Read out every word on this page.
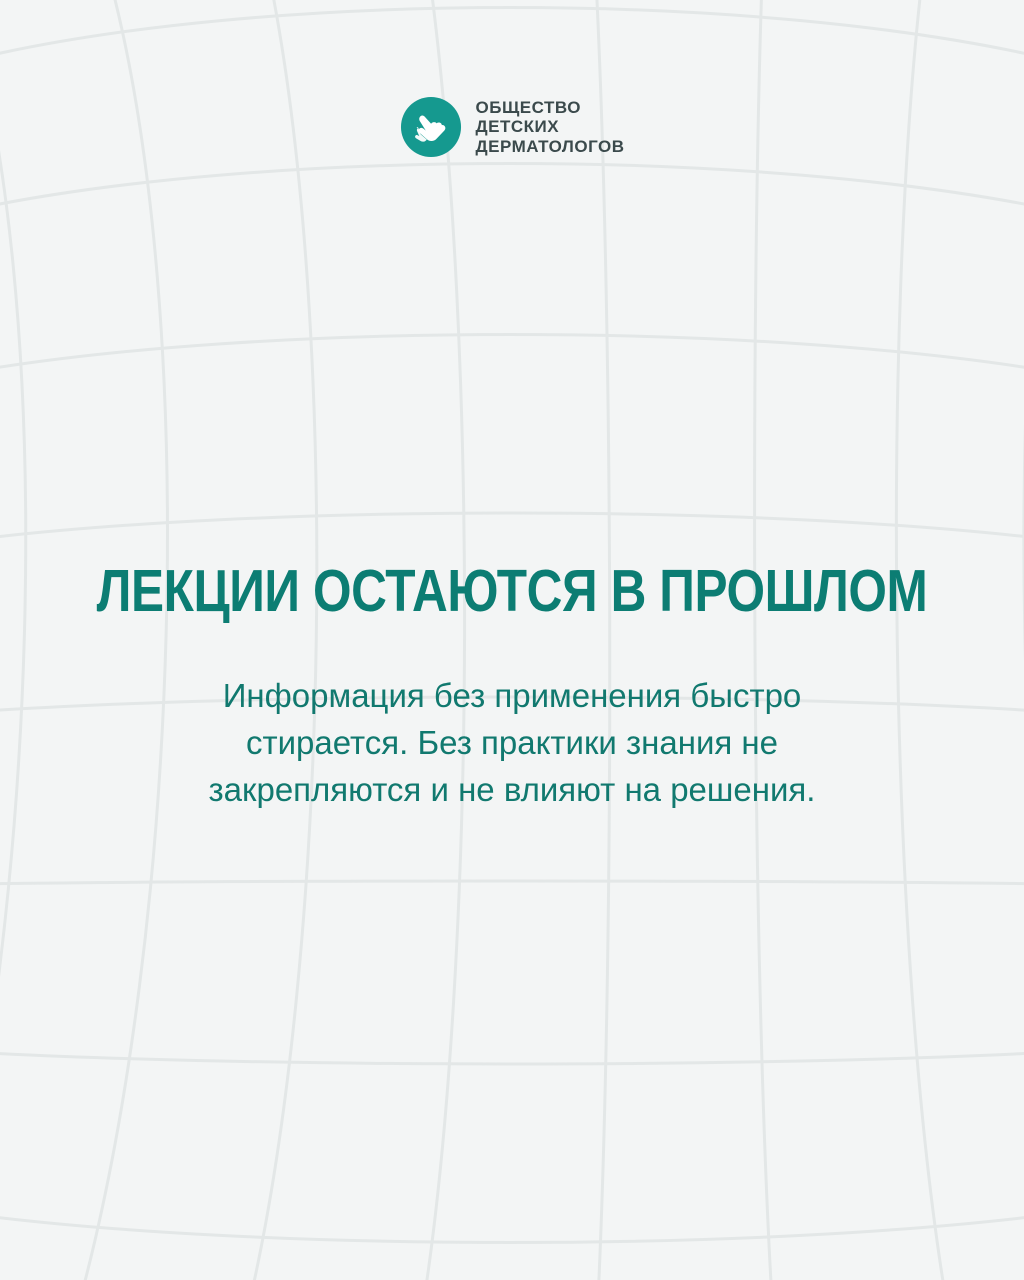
ОБЩЕСТВО
ДЕТСКИХ
ДЕРМАТОЛОГОВ
ЛЕКЦИИ ОСТАЮТСЯ В ПРОШЛОМ

Информация без применения быстро стирается. Без практики знания не закрепляются и не влияют на решения.
